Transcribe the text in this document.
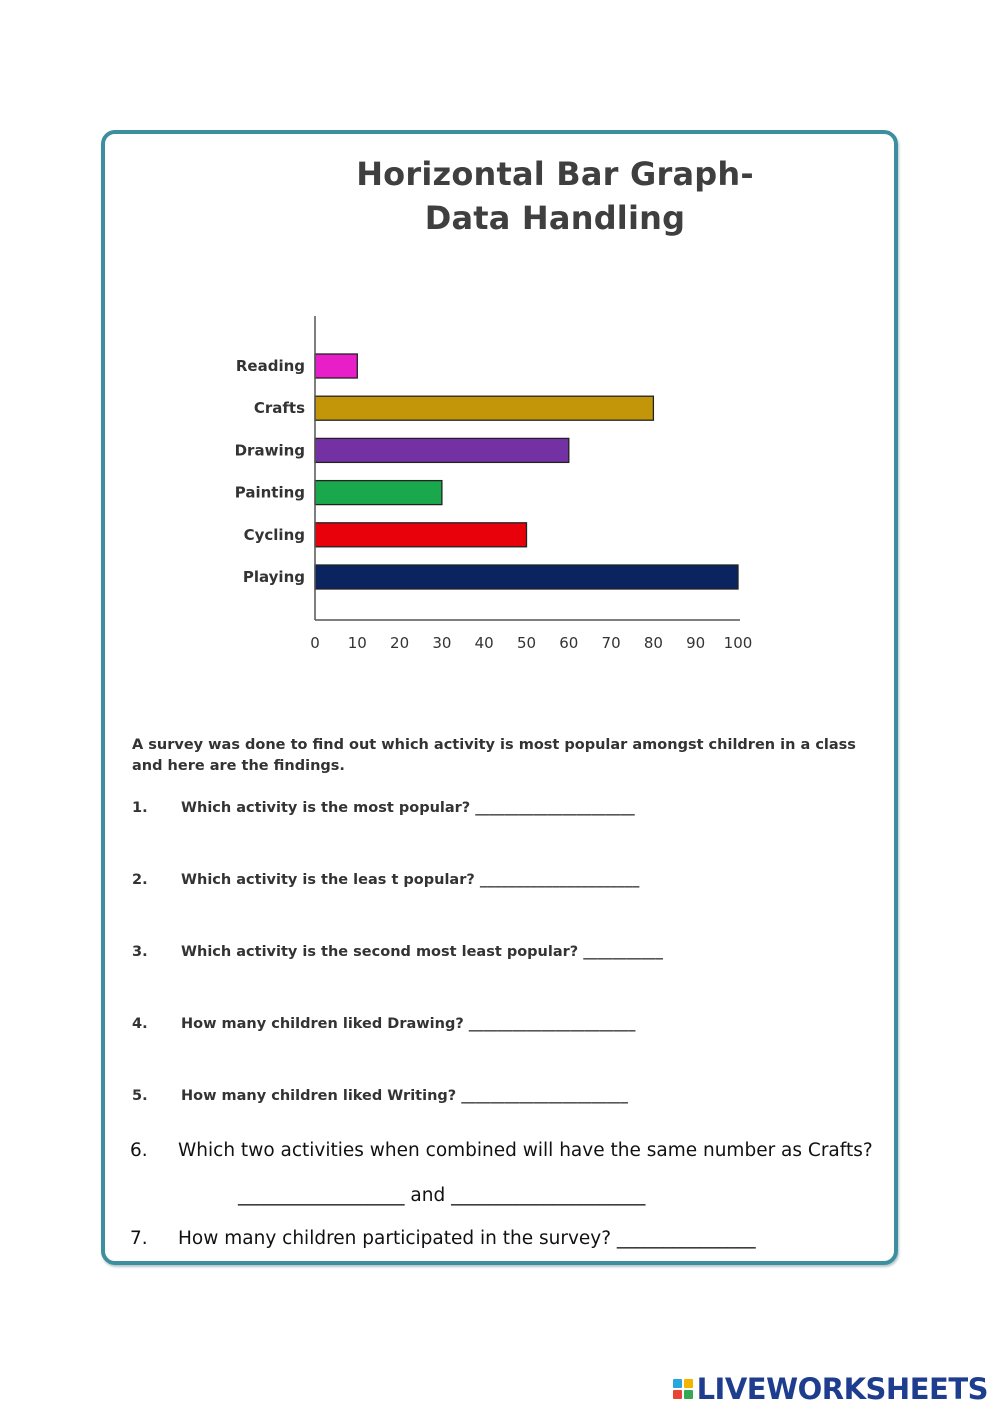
Horizontal Bar Graph-
Data Handling
Reading
Crafts
Drawing
Painting
Cycling
Playing
0 10 20 30 40 50 60 70 80 90 100
A survey was done to find out which activity is most popular amongst children in a class and here are the findings.
1. Which activity is the most popular? ______________________
2. Which activity is the leas t popular? ______________________
3. Which activity is the second most least popular? ___________
4. How many children liked Drawing? _______________________
5. How many children liked Writing? _______________________
6. Which two activities when combined will have the same number as Crafts?
7. How many children participated in the survey? _______________
__________________ and _____________________
LIVEWORKSHEETS
